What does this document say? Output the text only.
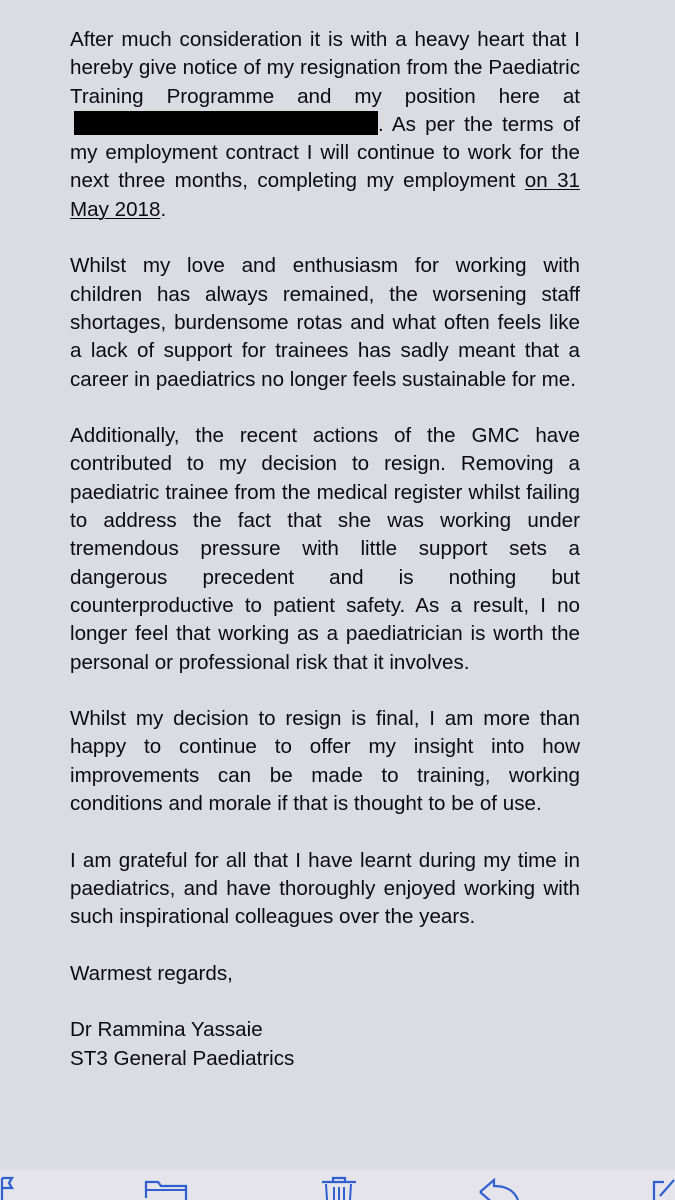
After much consideration it is with a heavy heart that I hereby give notice of my resignation from the Paediatric Training Programme and my position here at. As per the terms of my employment contract I will continue to work for the next three months, completing my employment on 31 May 2018.

Whilst my love and enthusiasm for working with children has always remained, the worsening staff shortages, burdensome rotas and what often feels like a lack of support for trainees has sadly meant that a career in paediatrics no longer feels sustainable for me.

Additionally, the recent actions of the GMC have contributed to my decision to resign. Removing a paediatric trainee from the medical register whilst failing to address the fact that she was working under tremendous pressure with little support sets a dangerous precedent and is nothing but counterproductive to patient safety. As a result, I no longer feel that working as a paediatrician is worth the personal or professional risk that it involves.

Whilst my decision to resign is final, I am more than happy to continue to offer my insight into how improvements can be made to training, working conditions and morale if that is thought to be of use.

I am grateful for all that I have learnt during my time in paediatrics, and have thoroughly enjoyed working with such inspirational colleagues over the years.

Warmest regards,

Dr Rammina Yassaie
ST3 General Paediatrics
